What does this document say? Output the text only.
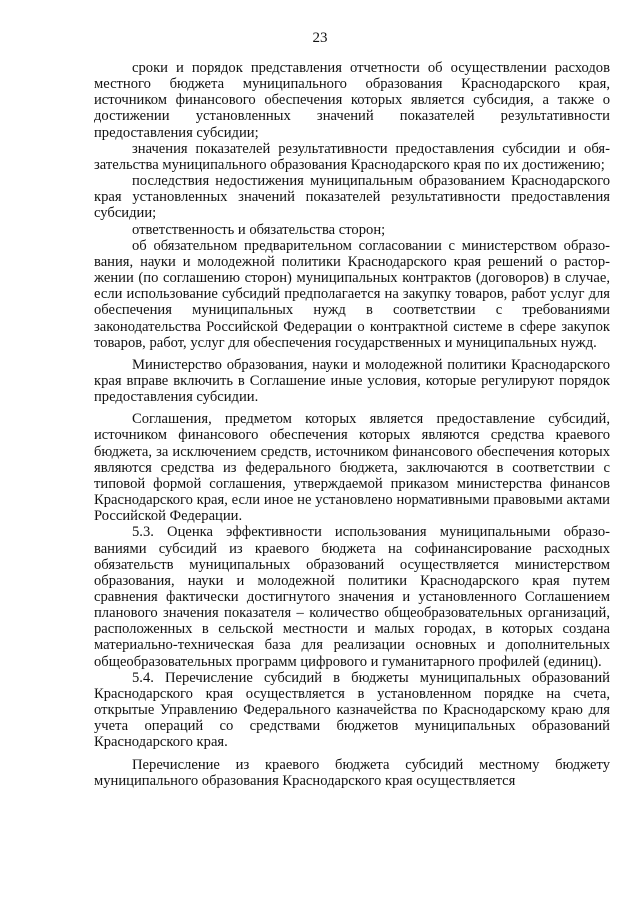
23

сроки и порядок представления отчетности об осуществлении расходов местного бюджета муниципального образования Краснодарского края, источником финансового обеспечения которых является субсидия, а также о достижении установленных значений показателей результативности предоставления субсидии;

значения показателей результативности предоставления субсидии и обязательства муниципального образования Краснодарского края по их достижению;

последствия недостижения муниципальным образованием Краснодарского края установленных значений показателей результативности предоставления субсидии;

ответственность и обязательства сторон;

об обязательном предварительном согласовании с министерством образования, науки и молодежной политики Краснодарского края решений о расторжении (по соглашению сторон) муниципальных контрактов (договоров) в случае, если использование субсидий предполагается на закупку товаров, работ услуг для обеспечения муниципальных нужд в соответствии с требованиями законодательства Российской Федерации о контрактной системе в сфере закупок товаров, работ, услуг для обеспечения государственных и муниципальных нужд.

Министерство образования, науки и молодежной политики Краснодарского края вправе включить в Соглашение иные условия, которые регулируют порядок предоставления субсидии.

Соглашения, предметом которых является предоставление субсидий, источником финансового обеспечения которых являются средства краевого бюджета, за исключением средств, источником финансового обеспечения которых являются средства из федерального бюджета, заключаются в соответствии с типовой формой соглашения, утверждаемой приказом министерства финансов Краснодарского края, если иное не установлено нормативными правовыми актами Российской Федерации.

5.3. Оценка эффективности использования муниципальными образованиями субсидий из краевого бюджета на софинансирование расходных обязательств муниципальных образований осуществляется министерством образования, науки и молодежной политики Краснодарского края путем сравнения фактически достигнутого значения и установленного Соглашением планового значения показателя – количество общеобразовательных организаций, расположенных в сельской местности и малых городах, в которых создана материально-техническая база для реализации основных и дополнительных общеобразовательных программ цифрового и гуманитарного профилей (единиц).

5.4. Перечисление субсидий в бюджеты муниципальных образований Краснодарского края осуществляется в установленном порядке на счета, открытые Управлению Федерального казначейства по Краснодарскому краю для учета операций со средствами бюджетов муниципальных образований Краснодарского края.

Перечисление из краевого бюджета субсидий местному бюджету муниципального образования Краснодарского края осуществляется
